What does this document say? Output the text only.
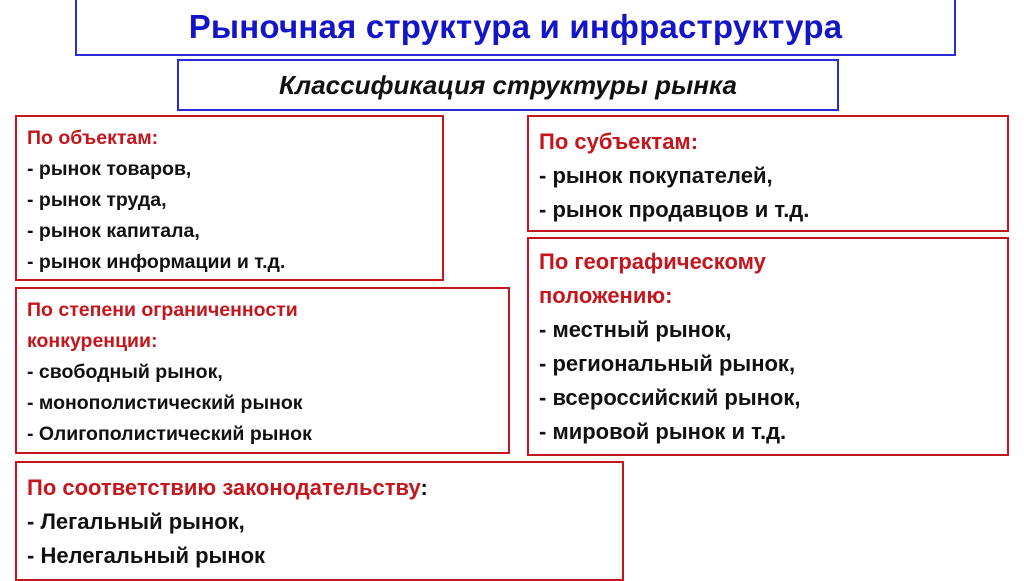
Рыночная структура и инфраструктура
Классификация структуры рынка
По объектам:
- рынок товаров,
- рынок труда,
- рынок капитала,
- рынок информации и т.д.
По степени ограниченности
конкуренции:
- свободный рынок,
- монополистический рынок
- Олигополистический рынок
По соответствию законодательству:
- Легальный рынок,
- Нелегальный рынок
По субъектам:
- рынок покупателей,
- рынок продавцов и т.д.
По географическому
положению:
- местный рынок,
- региональный рынок,
- всероссийский рынок,
- мировой рынок и т.д.
